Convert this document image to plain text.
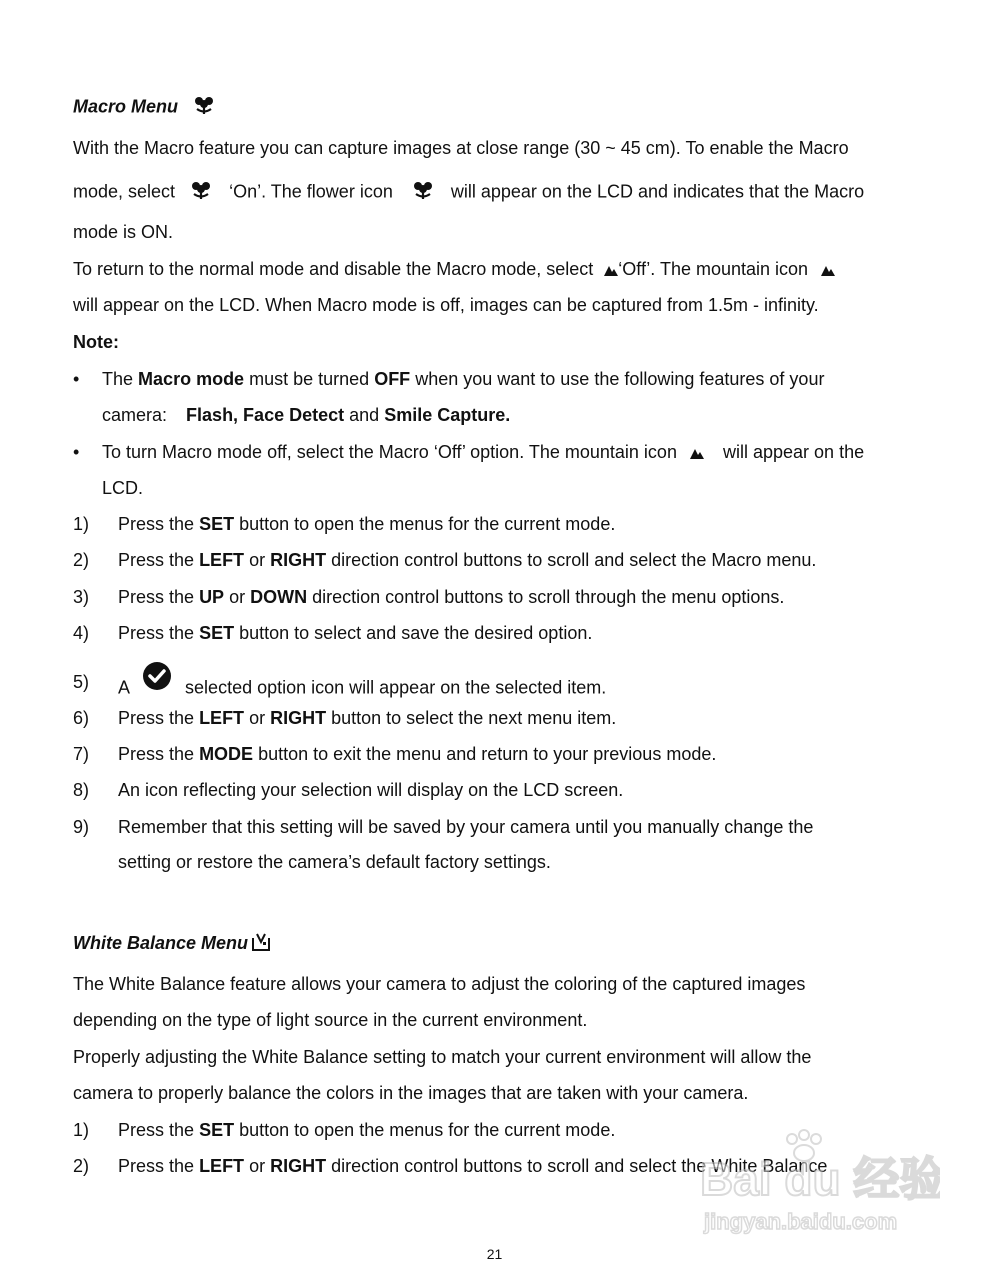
Macro Menu
With the Macro feature you can capture images at close range (30 ~ 45 cm). To enable the Macro
mode, select	‘On’. The flower icon	will appear on the LCD and indicates that the Macro
mode is ON.
To return to the normal mode and disable the Macro mode, select ‘Off’. The mountain icon
will appear on the LCD. When Macro mode is off, images can be captured from 1.5m - infinity.
Note:
• The Macro mode must be turned OFF when you want to use the following features of your
camera: Flash, Face Detect and Smile Capture.
• To turn Macro mode off, select the Macro ‘Off’ option. The mountain icon	will appear on the
LCD.
1) Press the SET button to open the menus for the current mode.
2) Press the LEFT or RIGHT direction control buttons to scroll and select the Macro menu.
3) Press the UP or DOWN direction control buttons to scroll through the menu options.
4) Press the SET button to select and save the desired option.
5) A	selected option icon will appear on the selected item.
6) Press the LEFT or RIGHT button to select the next menu item.
7) Press the MODE button to exit the menu and return to your previous mode.
8) An icon reflecting your selection will display on the LCD screen.
9) Remember that this setting will be saved by your camera until you manually change the
setting or restore the camera’s default factory settings.
White Balance Menu
The White Balance feature allows your camera to adjust the coloring of the captured images
depending on the type of light source in the current environment.
Properly adjusting the White Balance setting to match your current environment will allow the
camera to properly balance the colors in the images that are taken with your camera.
1) Press the SET button to open the menus for the current mode.
2) Press the LEFT or RIGHT direction control buttons to scroll and select the White Balance
Bai du 经验
jingyan.baidu.com
21
